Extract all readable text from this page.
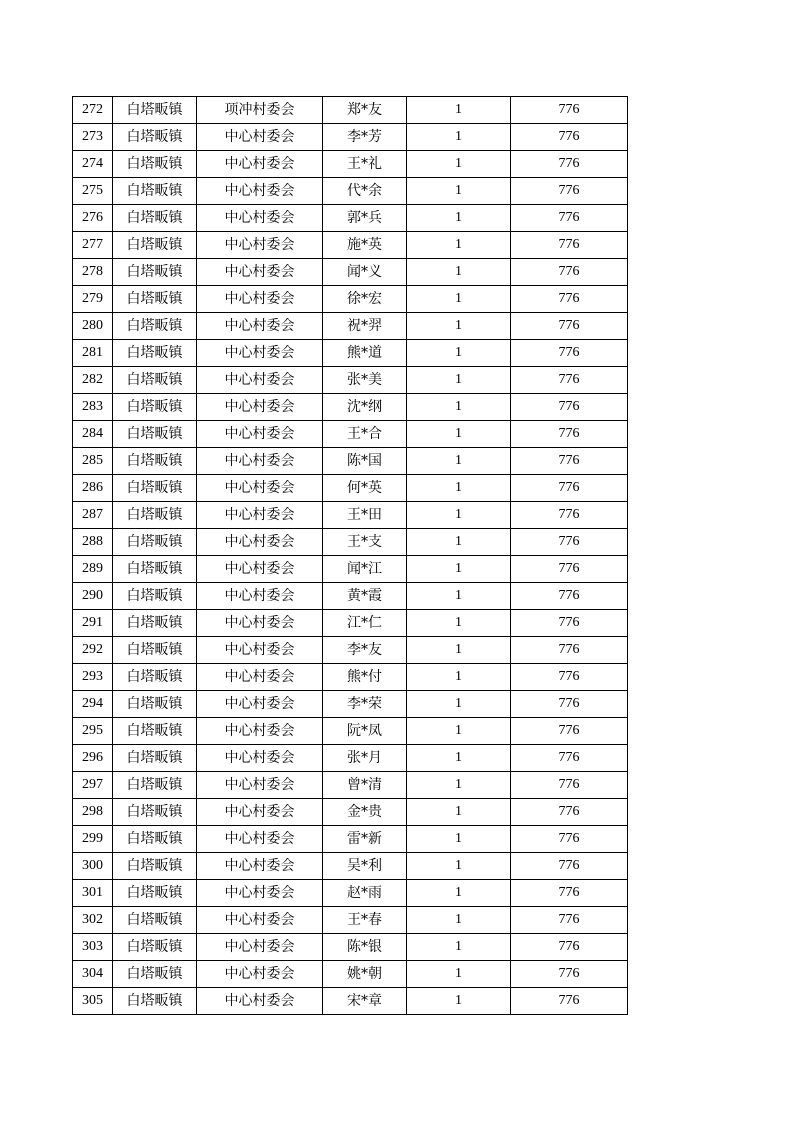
272	白塔畈镇	项冲村委会	郑*友	1	776
273	白塔畈镇	中心村委会	李*芳	1	776
274	白塔畈镇	中心村委会	王*礼	1	776
275	白塔畈镇	中心村委会	代*余	1	776
276	白塔畈镇	中心村委会	郭*兵	1	776
277	白塔畈镇	中心村委会	施*英	1	776
278	白塔畈镇	中心村委会	闻*义	1	776
279	白塔畈镇	中心村委会	徐*宏	1	776
280	白塔畈镇	中心村委会	祝*羿	1	776
281	白塔畈镇	中心村委会	熊*道	1	776
282	白塔畈镇	中心村委会	张*美	1	776
283	白塔畈镇	中心村委会	沈*纲	1	776
284	白塔畈镇	中心村委会	王*合	1	776
285	白塔畈镇	中心村委会	陈*国	1	776
286	白塔畈镇	中心村委会	何*英	1	776
287	白塔畈镇	中心村委会	王*田	1	776
288	白塔畈镇	中心村委会	王*支	1	776
289	白塔畈镇	中心村委会	闻*江	1	776
290	白塔畈镇	中心村委会	黄*霞	1	776
291	白塔畈镇	中心村委会	江*仁	1	776
292	白塔畈镇	中心村委会	李*友	1	776
293	白塔畈镇	中心村委会	熊*付	1	776
294	白塔畈镇	中心村委会	李*荣	1	776
295	白塔畈镇	中心村委会	阮*凤	1	776
296	白塔畈镇	中心村委会	张*月	1	776
297	白塔畈镇	中心村委会	曾*清	1	776
298	白塔畈镇	中心村委会	金*贵	1	776
299	白塔畈镇	中心村委会	雷*新	1	776
300	白塔畈镇	中心村委会	吴*利	1	776
301	白塔畈镇	中心村委会	赵*雨	1	776
302	白塔畈镇	中心村委会	王*春	1	776
303	白塔畈镇	中心村委会	陈*银	1	776
304	白塔畈镇	中心村委会	姚*朝	1	776
305	白塔畈镇	中心村委会	宋*章	1	776
